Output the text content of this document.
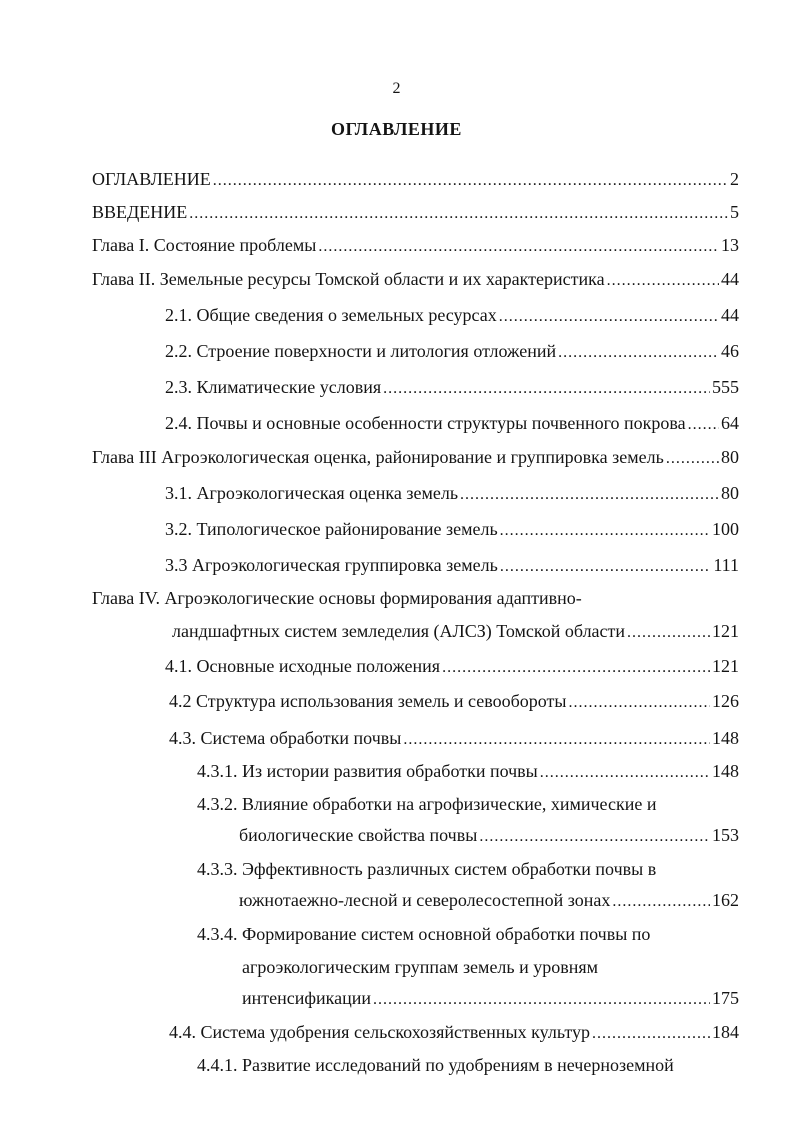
2
ОГЛАВЛЕНИЕ
ОГЛАВЛЕНИЕ .....	2
ВВЕДЕНИЕ .....	5
Глава I. Состояние проблемы .....	13
Глава II. Земельные ресурсы Томской области и их характеристика .....	44
2.1. Общие сведения о земельных ресурсах .....	44
2.2. Строение поверхности и литология отложений .....	46
2.3. Климатические условия .....	555
2.4. Почвы и основные особенности структуры почвенного покрова ..... 64
Глава III Агроэкологическая оценка, районирование и группировка земель .....	80
3.1. Агроэкологическая оценка земель .....	80
3.2. Типологическое районирование земель .....	100
3.3 Агроэкологическая группировка земель .....	111
Глава IV. Агроэкологические основы формирования адаптивно-
ландшафтных систем земледелия (АЛСЗ) Томской области .....	121
4.1. Основные исходные положения .....	121
4.2 Структура использования земель и севообороты .....	126
4.3. Система обработки почвы .....	148
4.3.1. Из истории развития обработки почвы .....	148
4.3.2. Влияние обработки на агрофизические, химические и
биологические свойства почвы .....	153
4.3.3. Эффективность различных систем обработки почвы в
южнотаежно-лесной и северолесостепной зонах .....	162
4.3.4. Формирование систем основной обработки почвы по
агроэкологическим группам земель и уровням
интенсификации .....	175
4.4. Система удобрения сельскохозяйственных культур .....	184
4.4.1. Развитие исследований по удобрениям в нечерноземной
